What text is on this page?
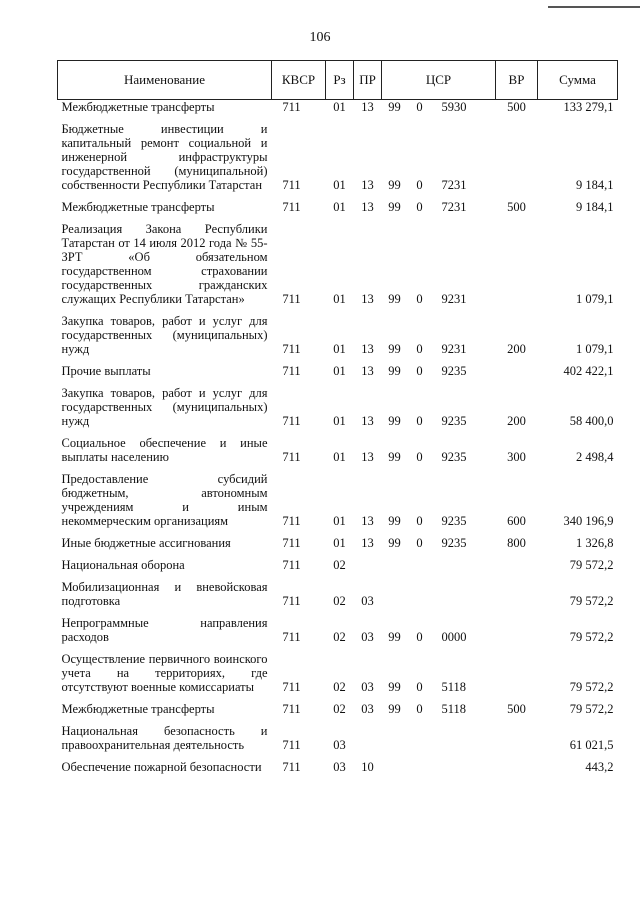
106
Наименование	КВСР	Рз	ПР	ЦСР			ВР	Сумма
Межбюджетные трансферты	711	01	13	99	0	5930	500	133 279,1
Бюджетные инвестиции и капитальный ремонт социальной и инженерной инфраструктуры государственной (муниципальной) собственности Республики Татарстан	711	01	13	99	0	7231		9 184,1
Межбюджетные трансферты	711	01	13	99	0	7231	500	9 184,1
Реализация Закона Республики Татарстан от 14 июля 2012 года № 55-ЗРТ «Об обязательном государственном страховании государственных гражданских служащих Республики Татарстан»	711	01	13	99	0	9231		1 079,1
Закупка товаров, работ и услуг для государственных (муниципальных) нужд	711	01	13	99	0	9231	200	1 079,1
Прочие выплаты	711	01	13	99	0	9235		402 422,1
Закупка товаров, работ и услуг для государственных (муниципальных) нужд	711	01	13	99	0	9235	200	58 400,0
Социальное обеспечение и иные выплаты населению	711	01	13	99	0	9235	300	2 498,4
Предоставление субсидий бюджетным, автономным учреждениям и иным некоммерческим организациям	711	01	13	99	0	9235	600	340 196,9
Иные бюджетные ассигнования	711	01	13	99	0	9235	800	1 326,8
Национальная оборона	711	02						79 572,2
Мобилизационная и вневойсковая подготовка	711	02	03					79 572,2
Непрограммные направления расходов	711	02	03	99	0	0000		79 572,2
Осуществление первичного воинского учета на территориях, где отсутствуют военные комиссариаты	711	02	03	99	0	5118		79 572,2
Межбюджетные трансферты	711	02	03	99	0	5118	500	79 572,2
Национальная безопасность и правоохранительная деятельность	711	03						61 021,5
Обеспечение пожарной безопасности	711	03	10					443,2
